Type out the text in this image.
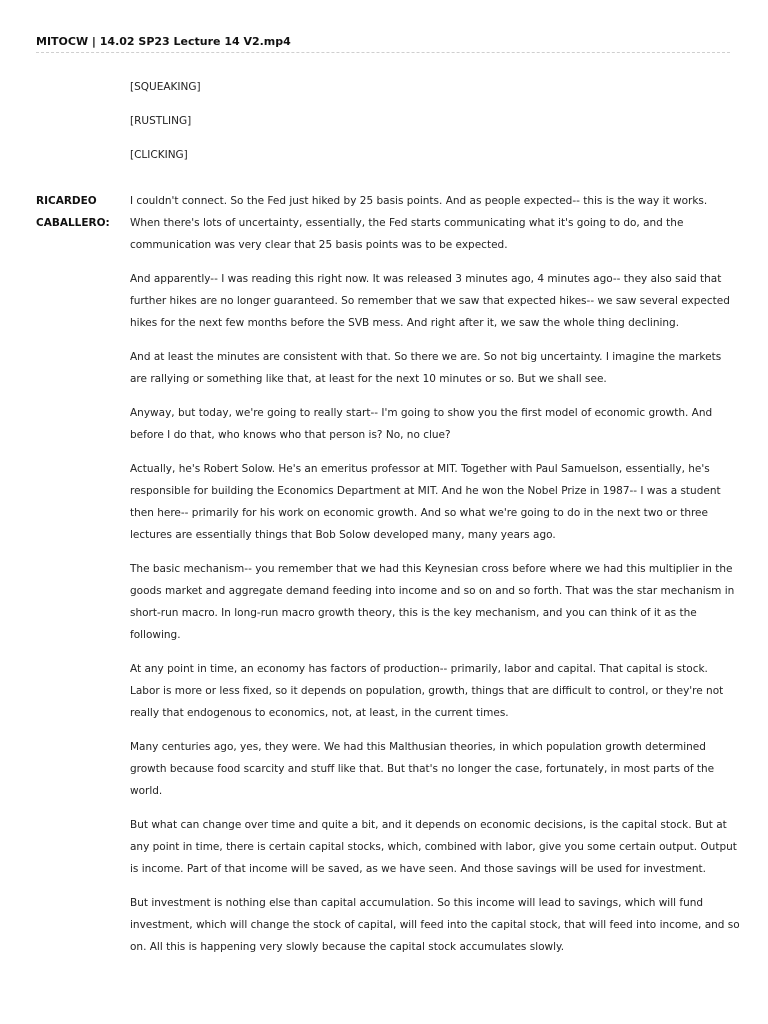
MITOCW | 14.02 SP23 Lecture 14 V2.mp4

[SQUEAKING]

[RUSTLING]

[CLICKING]

RICARDEO
CABALLERO:

I couldn't connect. So the Fed just hiked by 25 basis points. And as people expected-- this is the way it works. When there's lots of uncertainty, essentially, the Fed starts communicating what it's going to do, and the communication was very clear that 25 basis points was to be expected.

And apparently-- I was reading this right now. It was released 3 minutes ago, 4 minutes ago-- they also said that further hikes are no longer guaranteed. So remember that we saw that expected hikes-- we saw several expected hikes for the next few months before the SVB mess. And right after it, we saw the whole thing declining.

And at least the minutes are consistent with that. So there we are. So not big uncertainty. I imagine the markets are rallying or something like that, at least for the next 10 minutes or so. But we shall see.

Anyway, but today, we're going to really start-- I'm going to show you the first model of economic growth. And before I do that, who knows who that person is? No, no clue?

Actually, he's Robert Solow. He's an emeritus professor at MIT. Together with Paul Samuelson, essentially, he's responsible for building the Economics Department at MIT. And he won the Nobel Prize in 1987-- I was a student then here-- primarily for his work on economic growth. And so what we're going to do in the next two or three lectures are essentially things that Bob Solow developed many, many years ago.

The basic mechanism-- you remember that we had this Keynesian cross before where we had this multiplier in the goods market and aggregate demand feeding into income and so on and so forth. That was the star mechanism in short-run macro. In long-run macro growth theory, this is the key mechanism, and you can think of it as the following.

At any point in time, an economy has factors of production-- primarily, labor and capital. That capital is stock. Labor is more or less fixed, so it depends on population, growth, things that are difficult to control, or they're not really that endogenous to economics, not, at least, in the current times.

Many centuries ago, yes, they were. We had this Malthusian theories, in which population growth determined growth because food scarcity and stuff like that. But that's no longer the case, fortunately, in most parts of the world.

But what can change over time and quite a bit, and it depends on economic decisions, is the capital stock. But at any point in time, there is certain capital stocks, which, combined with labor, give you some certain output. Output is income. Part of that income will be saved, as we have seen. And those savings will be used for investment.

But investment is nothing else than capital accumulation. So this income will lead to savings, which will fund investment, which will change the stock of capital, will feed into the capital stock, that will feed into income, and so on. All this is happening very slowly because the capital stock accumulates slowly.
